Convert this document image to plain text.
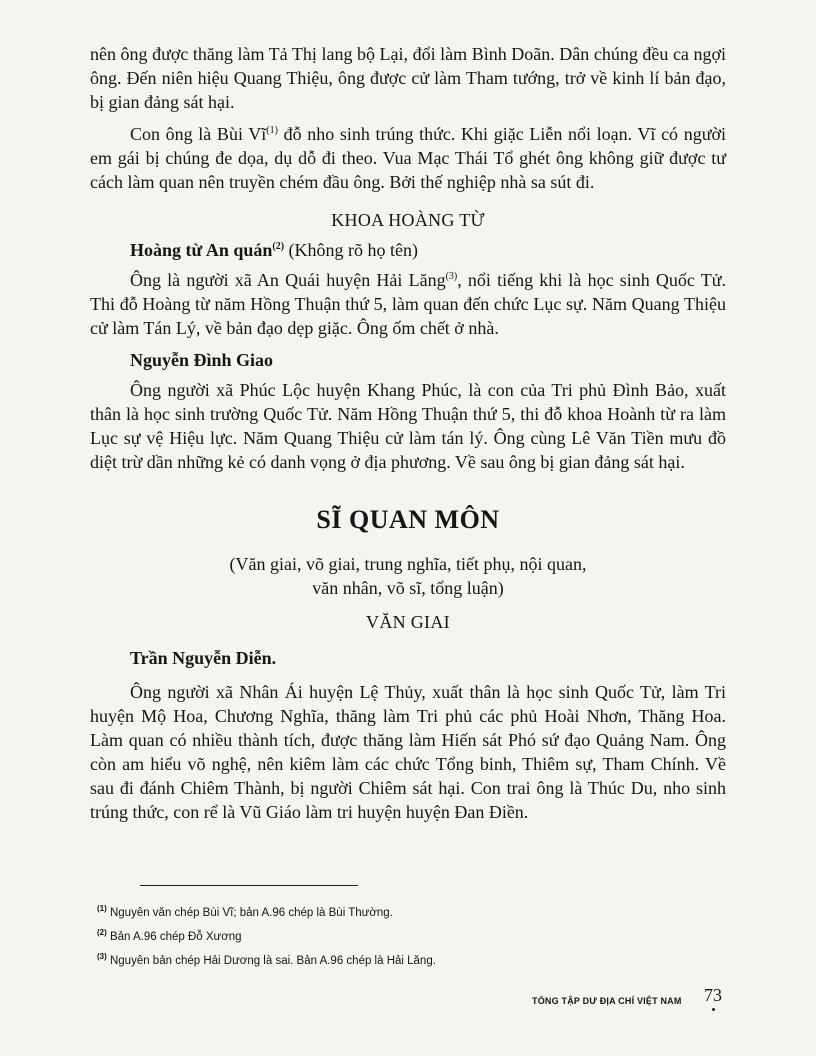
nên ông được thăng làm Tả Thị lang bộ Lại, đổi làm Bình Doãn. Dân chúng đều ca ngợi ông. Đến niên hiệu Quang Thiệu, ông được cử làm Tham tướng, trở về kinh lí bản đạo, bị gian đảng sát hại.

Con ông là Bùi $Vĩ^{(1)}$ đỗ nho sinh trúng thức. Khi giặc Liễn nổi loạn. Vĩ có người em gái bị chúng đe dọa, dụ dỗ đi theo. Vua Mạc Thái Tổ ghét ông không giữ được tư cách làm quan nên truyền chém đầu ông. Bởi thế nghiệp nhà sa sút đi.

KHOA HOÀNG TỪ

Hoàng từ An quán$^{(2)}$ (Không rõ họ tên)

Ông là người xã An Quái huyện Hải Lăng$^{(3)}$, nổi tiếng khi là học sinh Quốc Tử. Thi đỗ Hoàng từ năm Hồng Thuận thứ 5, làm quan đến chức Lục sự. Năm Quang Thiệu cử làm Tán Lý, về bản đạo dẹp giặc. Ông ốm chết ở nhà.

Nguyễn Đình Giao

Ông người xã Phúc Lộc huyện Khang Phúc, là con của Tri phủ Đình Bảo, xuất thân là học sinh trường Quốc Tử. Năm Hồng Thuận thứ 5, thi đỗ khoa Hoành từ ra làm Lục sự vệ Hiệu lực. Năm Quang Thiệu cử làm tán lý. Ông cùng Lê Văn Tiền mưu đồ diệt trừ dần những kẻ có danh vọng ở địa phương. Về sau ông bị gian đảng sát hại.

SĨ QUAN MÔN

(Văn giai, võ giai, trung nghĩa, tiết phụ, nội quan,

văn nhân, võ sĩ, tổng luận)

VĂN GIAI

Trần Nguyễn Diễn.

Ông người xã Nhân Ái huyện Lệ Thủy, xuất thân là học sinh Quốc Tử, làm Tri huyện Mộ Hoa, Chương Nghĩa, thăng làm Tri phủ các phủ Hoài Nhơn, Thăng Hoa. Làm quan có nhiều thành tích, được thăng làm Hiến sát Phó sứ đạo Quảng Nam. Ông còn am hiểu võ nghệ, nên kiêm làm các chức Tổng binh, Thiêm sự, Tham Chính. Về sau đi đánh Chiêm Thành, bị người Chiêm sát hại. Con trai ông là Thúc Du, nho sinh trúng thức, con rể là Vũ Giáo làm tri huyện huyện Đan Điền.

$^{(1)}$ Nguyên văn chép Bùi Vĩ; bản A.96 chép là Bùi Thường.
$^{(2)}$ Bản A.96 chép Đỗ Xương
$^{(3)}$ Nguyên bản chép Hải Dương là sai. Bản A.96 chép là Hải Lăng.
TỔNG TẬP DƯ ĐỊA CHÍ VIỆT NAM 73
